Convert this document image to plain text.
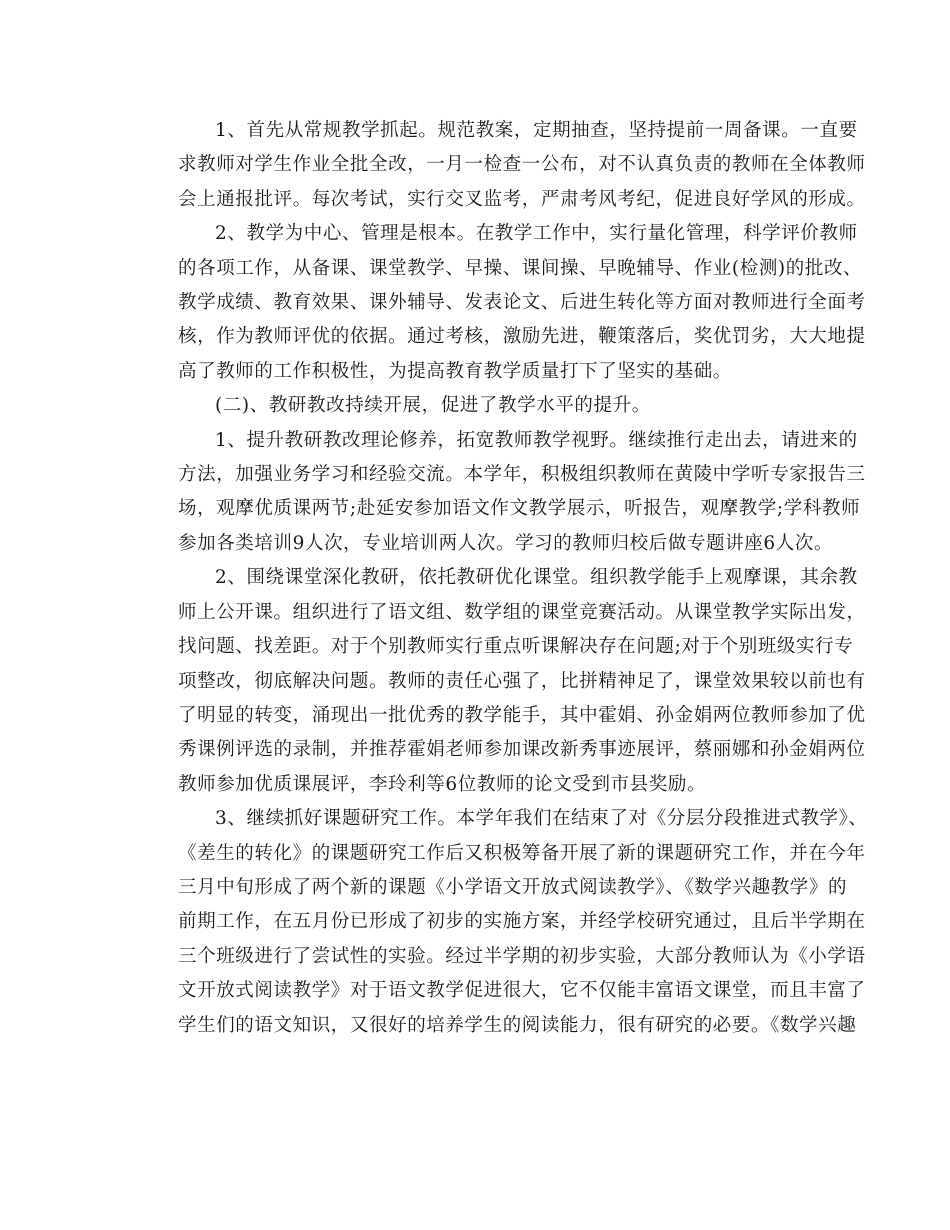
1、首先从常规教学抓起。规范教案，定期抽查，坚持提前一周备课。一直要
求教师对学生作业全批全改，一月一检查一公布，对不认真负责的教师在全体教师
会上通报批评。每次考试，实行交叉监考，严肃考风考纪，促进良好学风的形成。
2、教学为中心、管理是根本。在教学工作中，实行量化管理，科学评价教师
的各项工作，从备课、课堂教学、早操、课间操、早晚辅导、作业(检测)的批改、
教学成绩、教育效果、课外辅导、发表论文、后进生转化等方面对教师进行全面考
核，作为教师评优的依据。通过考核，激励先进，鞭策落后，奖优罚劣，大大地提
高了教师的工作积极性，为提高教育教学质量打下了坚实的基础。
(二)、教研教改持续开展，促进了教学水平的提升。
1、提升教研教改理论修养，拓宽教师教学视野。继续推行走出去，请进来的
方法，加强业务学习和经验交流。本学年，积极组织教师在黄陵中学听专家报告三
场，观摩优质课两节;赴延安参加语文作文教学展示，听报告，观摩教学;学科教师
参加各类培训9人次，专业培训两人次。学习的教师归校后做专题讲座6人次。
2、围绕课堂深化教研，依托教研优化课堂。组织教学能手上观摩课，其余教
师上公开课。组织进行了语文组、数学组的课堂竞赛活动。从课堂教学实际出发，
找问题、找差距。对于个别教师实行重点听课解决存在问题;对于个别班级实行专
项整改，彻底解决问题。教师的责任心强了，比拼精神足了，课堂效果较以前也有
了明显的转变，涌现出一批优秀的教学能手，其中霍娟、孙金娟两位教师参加了优
秀课例评选的录制，并推荐霍娟老师参加课改新秀事迹展评，蔡丽娜和孙金娟两位
教师参加优质课展评，李玲利等6位教师的论文受到市县奖励。
3、继续抓好课题研究工作。本学年我们在结束了对《分层分段推进式教学》、
《差生的转化》的课题研究工作后又积极筹备开展了新的课题研究工作，并在今年
三月中旬形成了两个新的课题《小学语文开放式阅读教学》、《数学兴趣教学》的
前期工作，在五月份已形成了初步的实施方案，并经学校研究通过，且后半学期在
三个班级进行了尝试性的实验。经过半学期的初步实验，大部分教师认为《小学语
文开放式阅读教学》对于语文教学促进很大，它不仅能丰富语文课堂，而且丰富了
学生们的语文知识，又很好的培养学生的阅读能力，很有研究的必要。《数学兴趣
